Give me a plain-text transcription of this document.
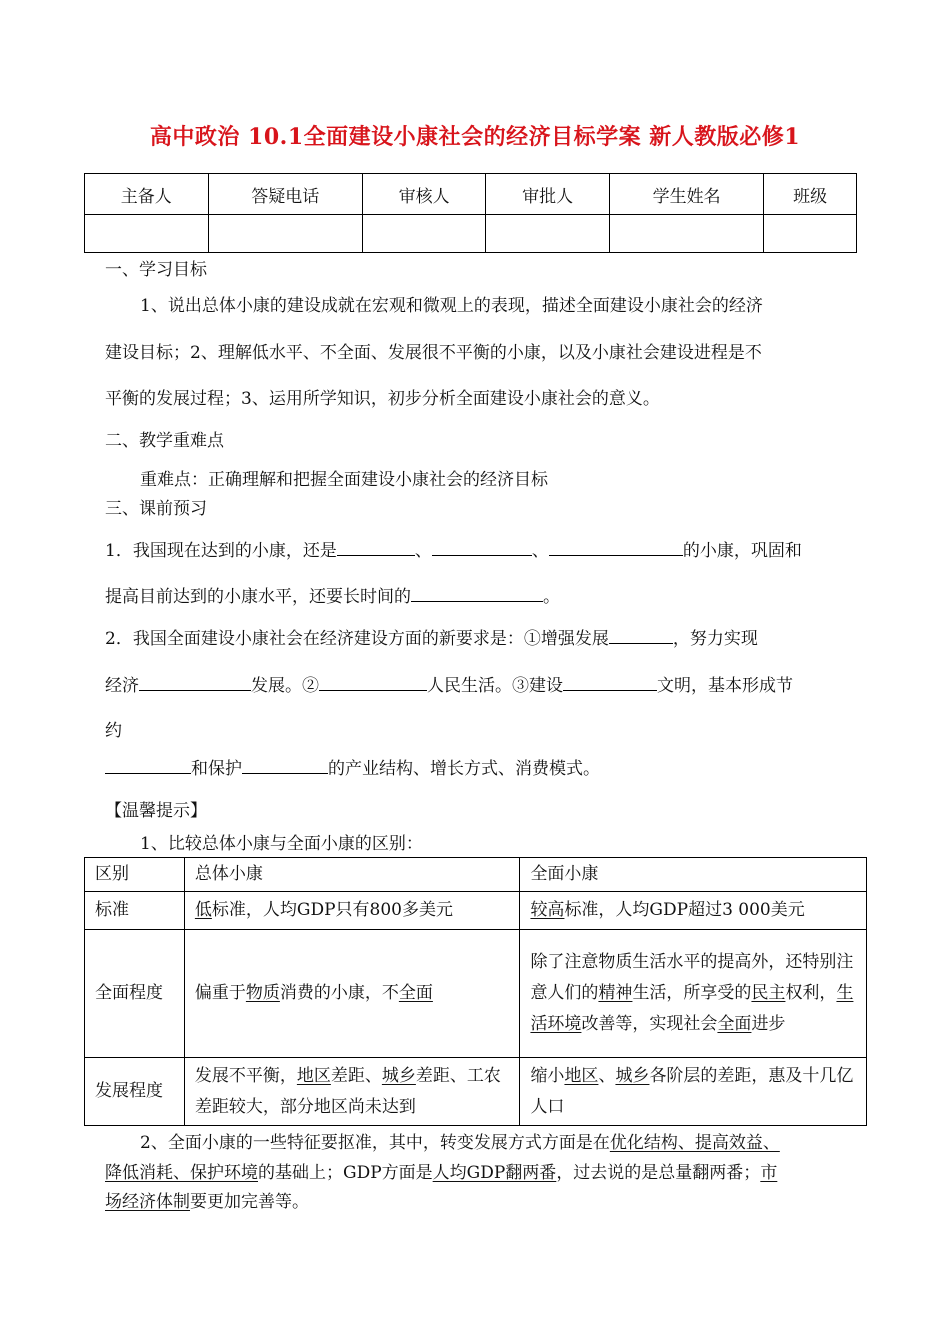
高中政治 10.1全面建设小康社会的经济目标学案 新人教版必修1
主备人	答疑电话	审核人	审批人	学生姓名	班级

一、学习目标
1、说出总体小康的建设成就在宏观和微观上的表现，描述全面建设小康社会的经济
建设目标；2、理解低水平、不全面、发展很不平衡的小康，以及小康社会建设进程是不
平衡的发展过程；3、运用所学知识，初步分析全面建设小康社会的意义。
二、教学重难点
重难点：正确理解和把握全面建设小康社会的经济目标
三、课前预习
1．我国现在达到的小康，还是	、	、	的小康，巩固和
提高目前达到的小康水平，还要长时间的	。
2．我国全面建设小康社会在经济建设方面的新要求是：①增强发展	，努力实现
经济	发展。②	人民生活。③建设	文明，基本形成节
约
和保护	的产业结构、增长方式、消费模式。
【温馨提示】
1、比较总体小康与全面小康的区别：
区别	总体小康	全面小康
标准	低标准，人均GDP只有800多美元	较高标准，人均GDP超过3 000美元
全面程度	偏重于物质消费的小康，不全面	除了注意物质生活水平的提高外，还特别注意人们的精神生活，所享受的民主权利，生活环境改善等，实现社会全面进步
发展程度	发展不平衡，地区差距、城乡差距、工农差距较大，部分地区尚未达到	缩小地区、城乡各阶层的差距，惠及十几亿人口
2、全面小康的一些特征要抠准，其中，转变发展方式方面是在优化结构、提高效益、
降低消耗、保护环境的基础上；GDP方面是人均GDP翻两番，过去说的是总量翻两番；市
场经济体制要更加完善等。
